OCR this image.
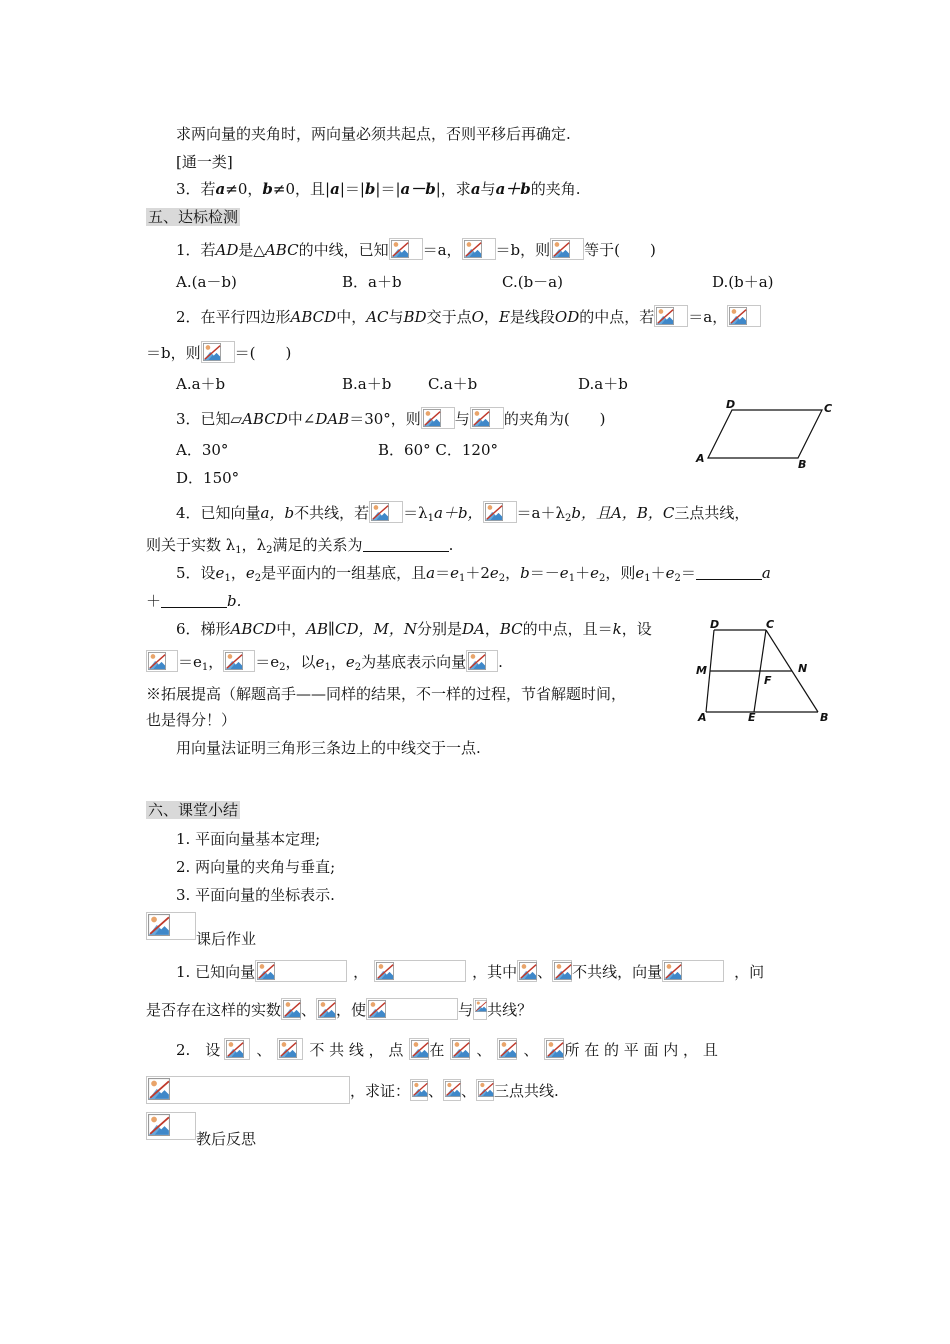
求两向量的夹角时，两向量必须共起点，否则平移后再确定.
[通一类]
3．若a≠0，b≠0，且|a|＝|b|＝|a－b|，求a与a＋b的夹角.
五、达标检测
1．若AD是△ABC的中线，已知 ＝a， ＝b，则 等于(　　)
A.(a－b)	B．a＋b	C.(b－a)	D.(b＋a)
2．在平行四边形ABCD中，AC与BD交于点O，E是线段OD的中点，若 ＝a，
＝b，则 ＝(　　)
A.a＋b	B.a＋b C.a＋b	D.a＋b
3．已知▱ABCD中∠DAB＝30°，则 与 的夹角为(　　)
A．30°	B．60° C．120°
D．150°
D	C
A	B
4．已知向量a，b不共线，若 $=\lambda_1a+b$， $=a+\lambda_2b$，且A，B，C三点共线，
则关于实数 $\lambda_1$，$\lambda_2$满足的关系为	.
5．设$e_1$，$e_2$是平面内的一组基底，且$a=e_1+2e_2$，$b=-e_1+e_2$，则$e_1+e_2=$	a
＋	b.
6．梯形ABCD中，AB∥CD，M，N分别是DA，BC的中点，且＝k，设
$=e_1$， $=e_2$，以$e_1$，$e_2$为基底表示向量 .
D	C
M	N
F
A	E	B
※拓展提高（解题高手——同样的结果，不一样的过程，节省解题时间，
也是得分！）
用向量法证明三角形三条边上的中线交于一点.
六、课堂小结
1. 平面向量基本定理;
2. 两向量的夹角与垂直;
3. 平面向量的坐标表示.
课后作业
1. 已知向量	，	，其中 、 不共线，向量	，问
是否存在这样的实数 、 ，使	与 共线？
2.　设 、	不 共 线 ， 点 在 、 、 所 在 的 平 面 内 ， 且
，求证： 、 、 三点共线.
教后反思
